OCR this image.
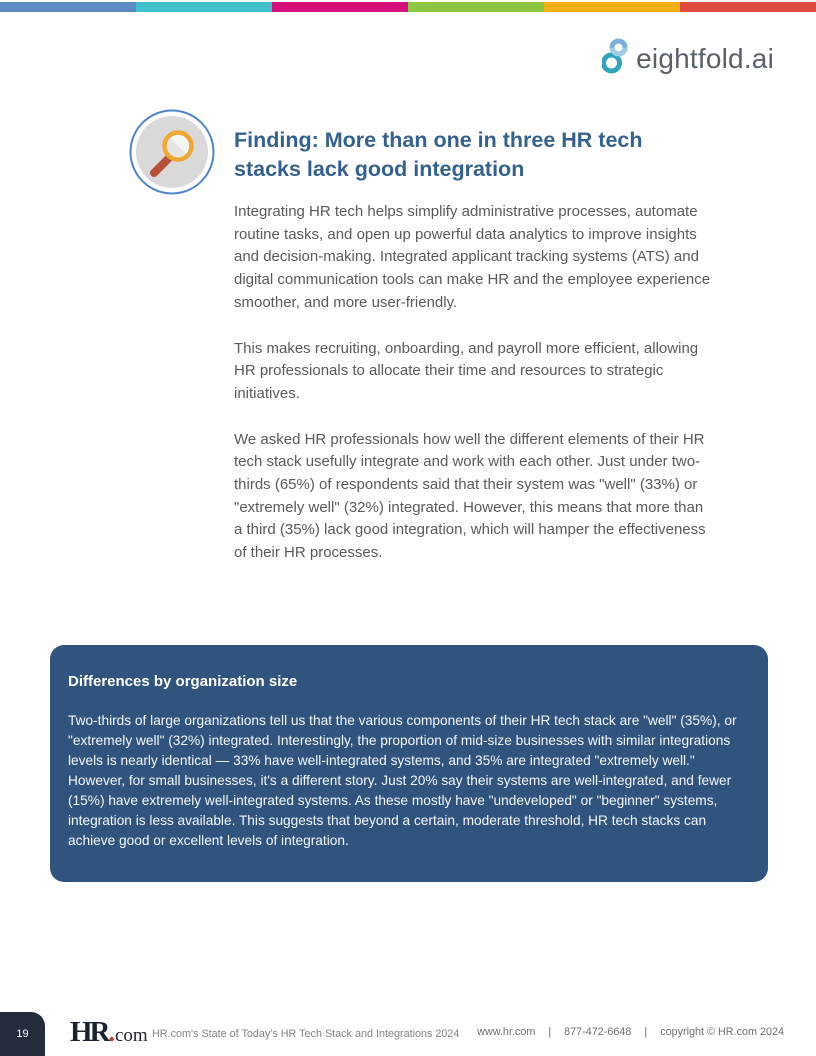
eightfold.ai
Finding: More than one in three HR tech stacks lack good integration

Integrating HR tech helps simplify administrative processes, automate routine tasks, and open up powerful data analytics to improve insights and decision-making. Integrated applicant tracking systems (ATS) and digital communication tools can make HR and the employee experience smoother, and more user-friendly.

This makes recruiting, onboarding, and payroll more efficient, allowing HR professionals to allocate their time and resources to strategic initiatives.

We asked HR professionals how well the different elements of their HR tech stack usefully integrate and work with each other. Just under two-thirds (65%) of respondents said that their system was "well" (33%) or "extremely well" (32%) integrated. However, this means that more than a third (35%) lack good integration, which will hamper the effectiveness of their HR processes.

Differences by organization size

Two-thirds of large organizations tell us that the various components of their HR tech stack are "well" (35%), or "extremely well" (32%) integrated. Interestingly, the proportion of mid-size businesses with similar integrations levels is nearly identical — 33% have well-integrated systems, and 35% are integrated "extremely well." However, for small businesses, it's a different story. Just 20% say their systems are well-integrated, and fewer (15%) have extremely well-integrated systems. As these mostly have "undeveloped" or "beginner" systems, integration is less available. This suggests that beyond a certain, moderate threshold, HR tech stacks can achieve good or excellent levels of integration.

19 HR . com HR.com's State of Today's HR Tech Stack and Integrations 2024 www.hr.com | 877-472-6648 | copyright © HR.com 2024
